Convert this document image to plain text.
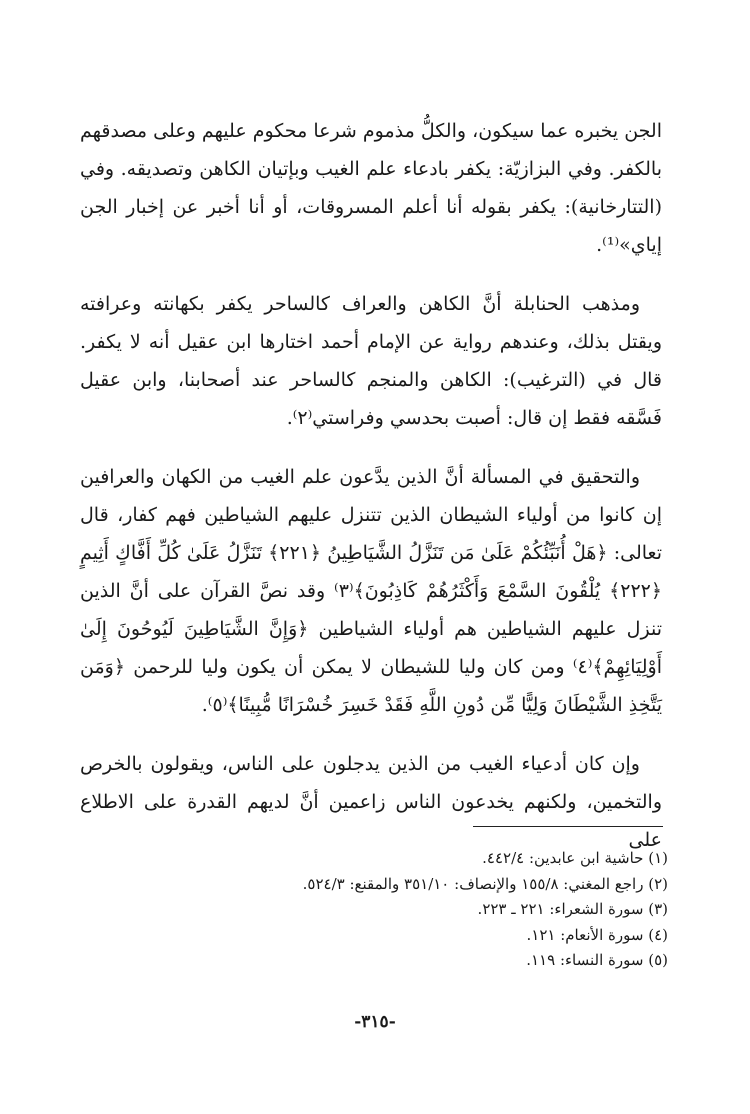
الجن يخبره عما سيكون، والكلُّ مذموم شرعا محكوم عليهم وعلى مصدقهم بالكفر. وفي البزازيّة: يكفر بادعاء علم الغيب وبإتيان الكاهن وتصديقه. وفي (التتارخانية): يكفر بقوله أنا أعلم المسروقات، أو أنا أخبر عن إخبار الجن إياي»⁽¹⁾.

ومذهب الحنابلة أنَّ الكاهن والعراف كالساحر يكفر بكهانته وعرافته ويقتل بذلك، وعندهم رواية عن الإمام أحمد اختارها ابن عقيل أنه لا يكفر. قال في (الترغيب): الكاهن والمنجم كالساحر عند أصحابنا، وابن عقيل فَسَّقه فقط إن قال: أصبت بحدسي وفراستي⁽٢⁾.

والتحقيق في المسألة أنَّ الذين يدَّعون علم الغيب من الكهان والعرافين إن كانوا من أولياء الشيطان الذين تتنزل عليهم الشياطين فهم كفار، قال تعالى: ﴿هَلْ أُنَبِّئُكُمْ عَلَىٰ مَن تَنَزَّلُ الشَّيَاطِينُ ﴿٢٢١﴾ تَنَزَّلُ عَلَىٰ كُلِّ أَفَّاكٍ أَثِيمٍ ﴿٢٢٢﴾ يُلْقُونَ السَّمْعَ وَأَكْثَرُهُمْ كَاذِبُونَ﴾⁽٣⁾ وقد نصَّ القرآن على أنَّ الذين تنزل عليهم الشياطين هم أولياء الشياطين ﴿وَإِنَّ الشَّيَاطِينَ لَيُوحُونَ إِلَىٰ أَوْلِيَائِهِمْ﴾⁽٤⁾ ومن كان وليا للشيطان لا يمكن أن يكون وليا للرحمن ﴿وَمَن يَتَّخِذِ الشَّيْطَانَ وَلِيًّا مِّن دُونِ اللَّهِ فَقَدْ خَسِرَ خُسْرَانًا مُّبِينًا﴾⁽٥⁾.

وإن كان أدعياء الغيب من الذين يدجلون على الناس، ويقولون بالخرص والتخمين، ولكنهم يخدعون الناس زاعمين أنَّ لديهم القدرة على الاطلاع على

(١) حاشية ابن عابدين: ٤٤٢/٤.
(٢) راجع المغني: ١٥٥/٨ والإنصاف: ٣٥١/١٠ والمقنع: ٥٢٤/٣.
(٣) سورة الشعراء: ٢٢١ ـ ٢٢٣.
(٤) سورة الأنعام: ١٢١.
(٥) سورة النساء: ١١٩.
-٣١٥-
